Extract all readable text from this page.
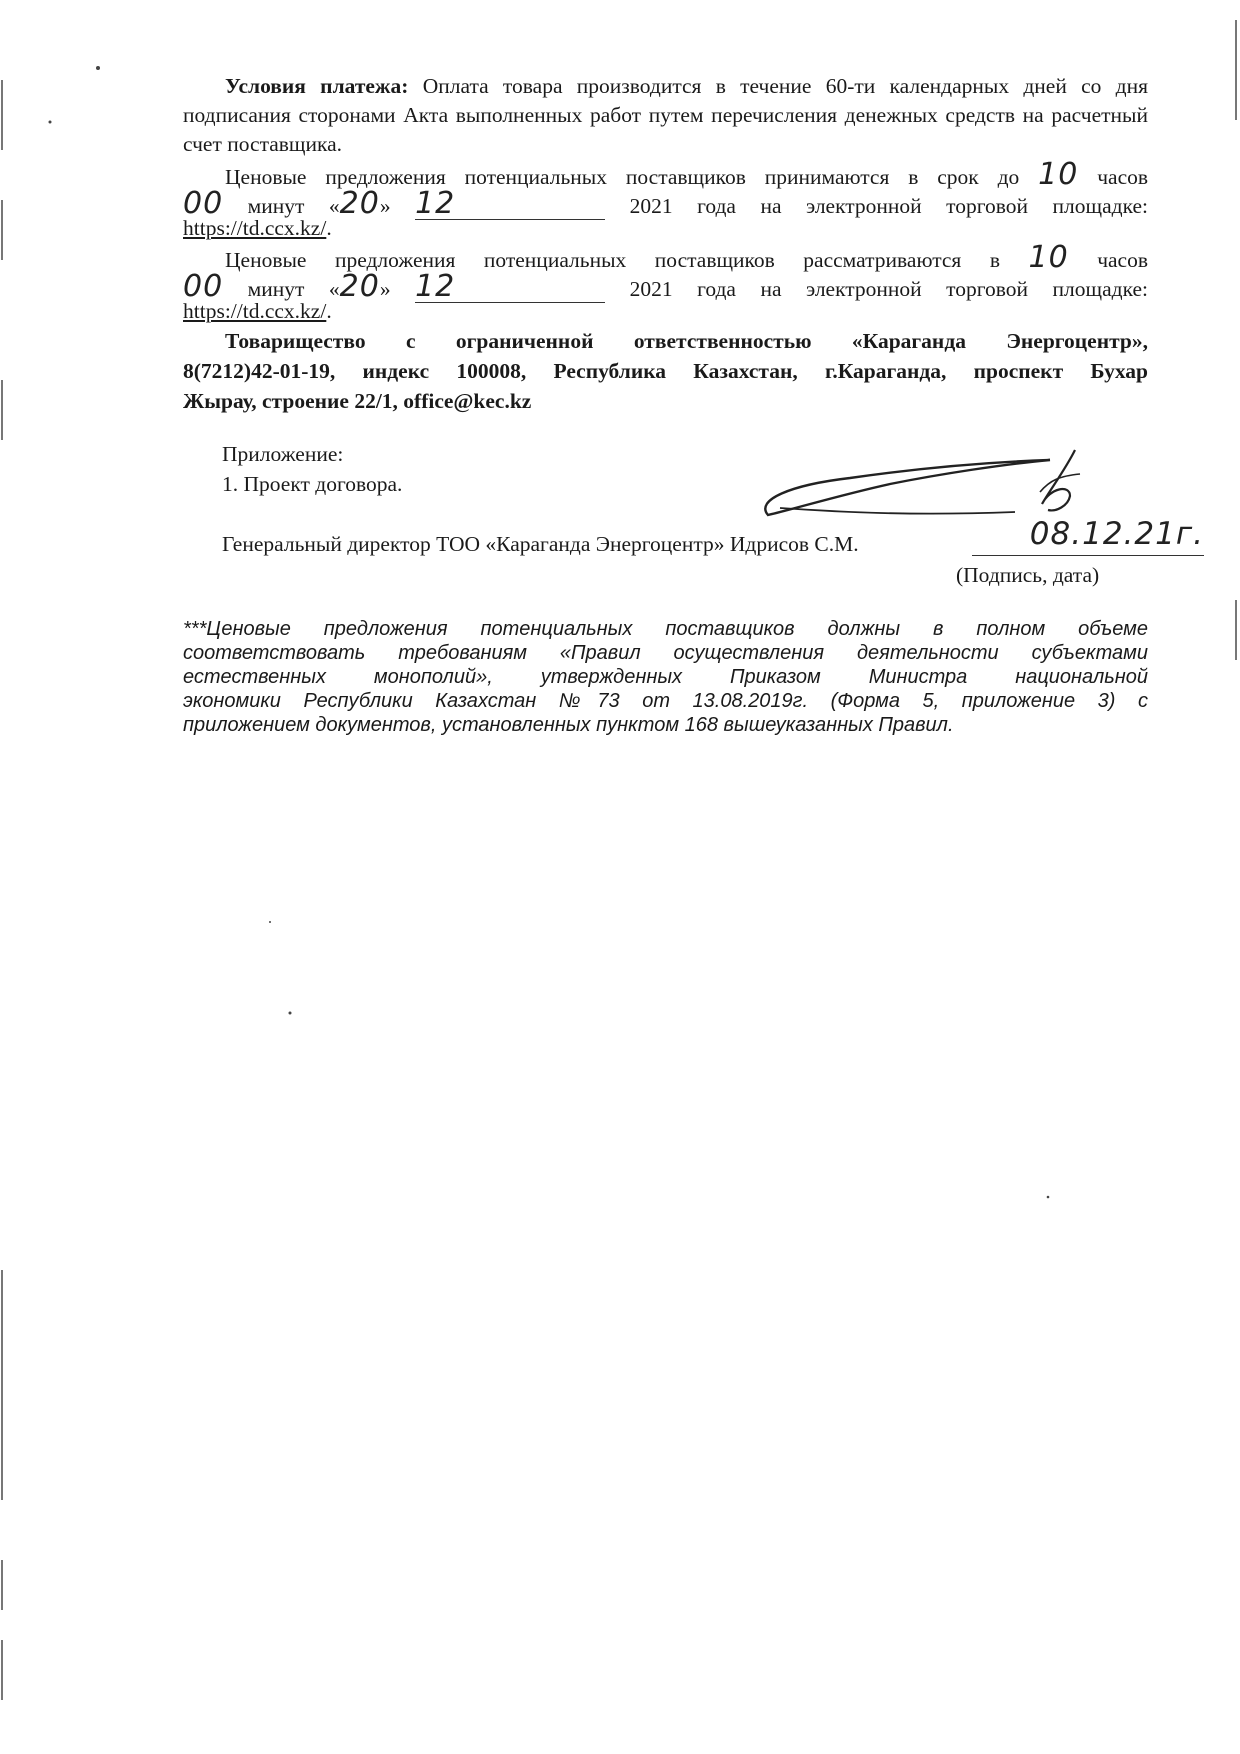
Условия платежа: Оплата товара производится в течение 60-ти календарных дней со дня подписания сторонами Акта выполненных работ путем перечисления денежных средств на расчетный счет поставщика.
Ценовые предложения потенциальных поставщиков принимаются в срок до 10 часов
00 минут «20» 12	2021 года на электронной торговой площадке:
https://td.ccx.kz/.
Ценовые предложения потенциальных поставщиков рассматриваются в 10 часов
00 минут «20» 12	2021 года на электронной торговой площадке:
https://td.ccx.kz/.
Товарищество с ограниченной ответственностью «Караганда Энергоцентр»,
8(7212)42-01-19, индекс 100008, Республика Казахстан, г.Караганда, проспект Бухар
Жырау, строение 22/1, office@kec.kz
Приложение:
1. Проект договора.
Генеральный директор ТОО «Караганда Энергоцентр» Идрисов С.М.	08.12.21г.
(Подпись, дата)
***Ценовые предложения потенциальных поставщиков должны в полном объеме
соответствовать требованиям «Правил осуществления деятельности субъектами
естественных монополий», утвержденных Приказом Министра национальной
экономики Республики Казахстан №73 от 13.08.2019г. (Форма 5, приложение 3) с
приложением документов, установленных пунктом 168 вышеуказанных Правил.
